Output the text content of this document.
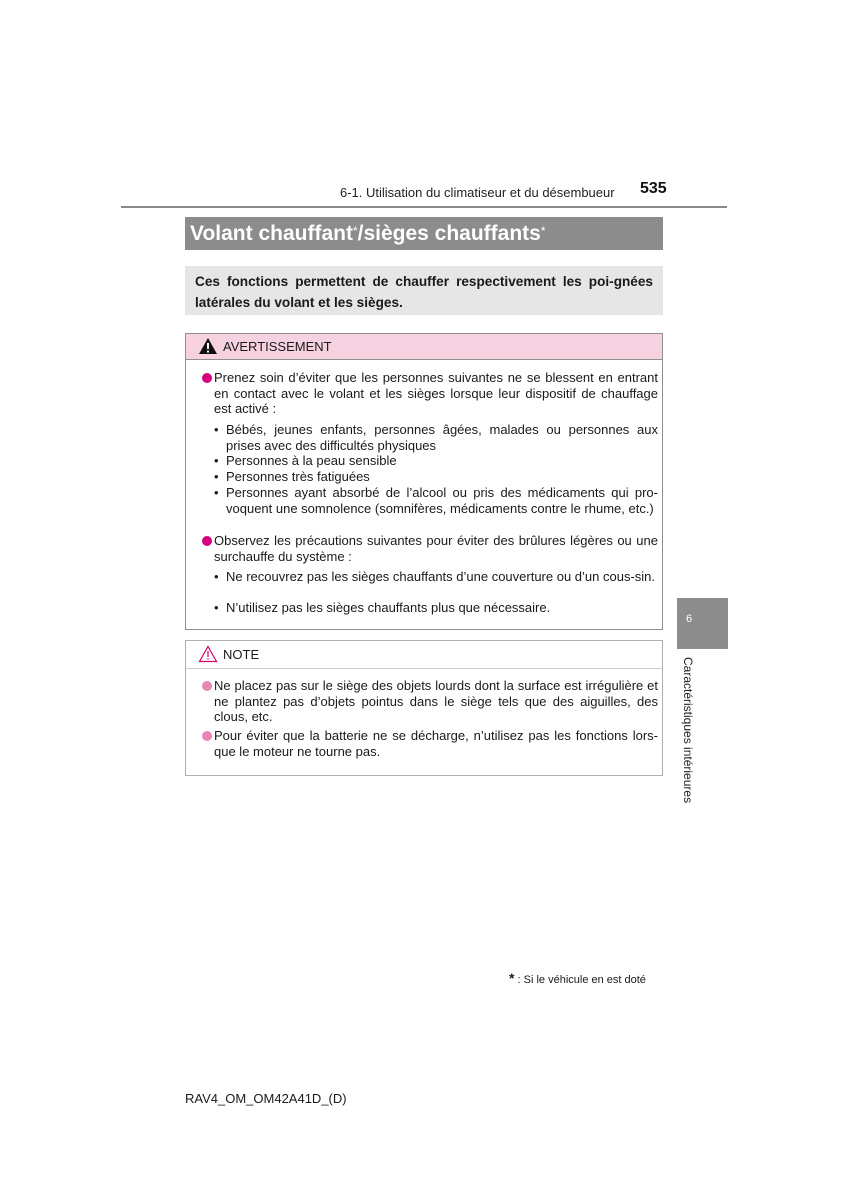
6-1. Utilisation du climatiseur et du désembueur 535
Volant chauffant*/sièges chauffants*
Ces fonctions permettent de chauffer respectivement les poi-gnées latérales du volant et les sièges.
AVERTISSEMENT
Prenez soin d’éviter que les personnes suivantes ne se blessent en entrant en contact avec le volant et les sièges lorsque leur dispositif de chauffage est activé :
• Bébés, jeunes enfants, personnes âgées, malades ou personnes aux prises avec des difficultés physiques
• Personnes à la peau sensible
• Personnes très fatiguées
• Personnes ayant absorbé de l’alcool ou pris des médicaments qui pro-voquent une somnolence (somnifères, médicaments contre le rhume, etc.)
Observez les précautions suivantes pour éviter des brûlures légères ou une surchauffe du système :
• Ne recouvrez pas les sièges chauffants d’une couverture ou d’un cous-sin.
• N’utilisez pas les sièges chauffants plus que nécessaire.
NOTE
Ne placez pas sur le siège des objets lourds dont la surface est irrégulière et ne plantez pas d’objets pointus dans le siège tels que des aiguilles, des clous, etc.
Pour éviter que la batterie ne se décharge, n’utilisez pas les fonctions lors-que le moteur ne tourne pas.
6
Caractéristiques intérieures
* : Si le véhicule en est doté
RAV4_OM_OM42A41D_(D)
